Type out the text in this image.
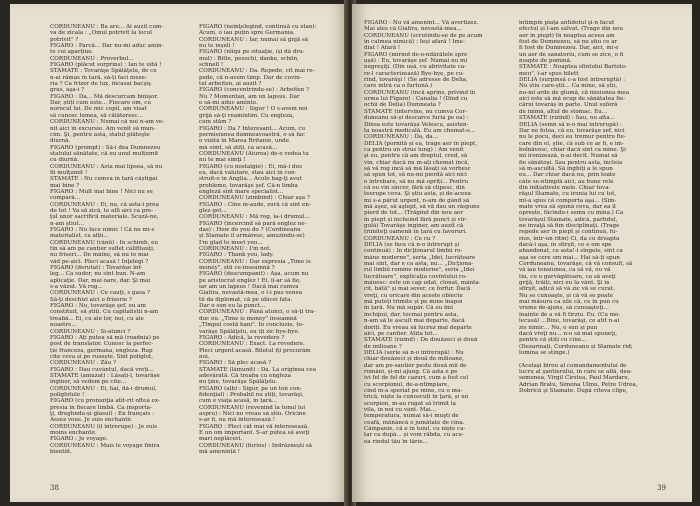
CORDUNEANU : Ba are... Ai auzit cum-
va de zicala : „Omul potrivit la locul
potrivit" ?
FIGARO : Parcă... Dar nu-mi aduc amin-
te cui aparține.
CORDUNEANU : Proverbul...
FIGARO (plăcut surprins) : Ian te uită !
STAMATE : Tovarăşe Spălăţelu, de ce
n-ai rămas în tară, să-ți faci mese-
ria ? Ca frizer de lux, încasai bacşiş
gras, aşa-i ?
FIGARO : Da... Mă descurcam binişor.
Dar, știți cum este... Fiecare om, cu
norocul lui. De mic copil, am visat
să cunosc lumea, să călătoresc...
CORDUNEANU : Numai că noi n-am ve-
nit aici în excursie. Am venit să mun-
cim. Şi, pentru asta, statul plăteşte
diurnă.
FIGARO (prompt) : Să-i dea Dumnezeu
statului sănătate, că eu unul mulțumit
cu diurnă.
CORDUNEANU : Asta mai lipsea, să nu
fii mulţumit !
STAMATE : Nu cumva în tară câștigai
mai bine ?
FIGARO : Mult mai bine ! Nici nu se
compară...
CORDUNEANU : Ei, nu, că asta-i prea
de tot ! Va să zică, te afli aici ca pre-
ţul unor sacrificii materiale. Scuză-ne,
n-am știut...
FIGARO : Nu face nimic ! Că nu mi-s
materialist, ca alții...
CORDUNEANU (rânii) : În schimb, eu
tin să am pe cantier suflet câlifitauţi,
nu friseri... De mâine, să nu te mai
văd pe-aici. Pleci acasă ! Înţelegi ?
FIGARO (derutat) : Tovarășe inf-
leg... Ca sudor, nu sînt bun. N-am
aplicaţie. Dar, mai oare, dar. Şi mai
s-a văzut. Vă rog...
CORDUNEANU : Ce cauţi, s gasa ?
Să-ţi deschizi aici o frizerie ?
FIGARO : Nu, tovarăşe şef, eu am
constituit, să știți. Cu capitalistii n-am
treabă... Ei, cu ale lor, noi, cu ale
noastre...
CORDUNEANU : Si-atunci ?
FIGARO : Ați putea să mă (roadnia) pe
post de translator. Cunosc la perfec-
ție franceza, germana, engleza. Rup
cite ceva și pe rusește. Sînt poliglot,
CORDUNEANU : Zău ?
FIGARO : Dau cuvântul, dacă vreți...
STAMATE (amuzat) : Lăsați-l, tovarășe
inginer, să vedem pe cite...
CORDUNEANU : Ei, hai, dă-i drumul,
poliglotule !
FIGARO (cu pronunţia atit-rit oftea ex-
presia în fiecare limbă. Ca insporta-
ţi, dreghndu-și glasul) : En français :
Assez vous. Je suis enchanté.
CORDUNEANU (il întrerupe) : Je suis
moins enchanté.
FIGARO : Je voyage.
CORDUNEANU : Mais le voyage finira
bientôt.
FIGARO (neinţelegind, continuă cu elan):
Acum, o iau puțin spre Germania.
CORDUNEANU : Iar, numai să gnjă să
nu te înșeli !
FIGARO (nliqu pe situaţie, își dă dru-
mul) : Bitte, pesochi, danke, schön,
schnell !
CORDUNEANU : Da. Repede, cît mai re-
pede, că n-avem timp. Dar de cuvîn-
tul arbeiten, ai auzit ?
FIGARO (concentrindu-se) : Arbeiten ?
Nu ? Momentan, am un lapsus. Dar
o să-mi aduc aminte.
CORDUNEANU : Sigur ! O s-avem noi
grijă să-ţi reamintim. Cu engleza,
cum stăm ?
FIGARO : Da ? Interesant... Acum, cu
permisiunea dumneavoastră, o să fac
o vizită în Marea Britanie, unde
mă simt, să știți, ca acasă...
CORDUNEANU (Aiurea) de-o vedea tu
nu te mai simţi !
FIGARO (cu nostalgie) : Ei, mă-i dus
eu, dacă valutare, stau aici în con-
struit-o în Anglia... Acolo bag-ţi avut
probleme, tovarăşe şef. Că-n limba
engleză sînt mare specialist...
CORDUNEANU (zîmbind) : Chiar aşa ?
FIGARO : Cine m-aude, zură că sînt en-
glez get...
CORDUNEANU : Mă rog, ia-i drumul...
FIGARO (încercind să pară englez ne-
das) : How do you do ? (Cordineanu
și Stamate il urmăresc, amuzindu-se)
I'm glad to meet you...
CORDUNEANU : I'm not.
FIGARO : Thank you, lady.
CORDUNEANU : Dar expresia „Time is
money", știi ce-înseamnă ?
FIGARO (descumpanit) : Aşa, acum nu
pe aristocrat englez ! Ei, îi-ar să fie,
iar am un lapsus ! Dacă mai cumva
Giafira, nevastă-mea, o l-i pus venea
tii da diplomat, că pe obicei fata.
Dar o sun eu la punct...
CORDUNEANU : Până atunci, o să-ți tra-
duc eu. „Time is money" înseamnă
„Timpul costă bani". În concluzie, to-
varăşe Spălăţelu, eu îți zic bye-bye.
FIGARO : Adică, la revedere ?
CORDUNEANU : Exact. La revedere.
Pleci urgent acasă. Biletul îți procurăm
noi.
FIGARO : Să plec acasă ?
STAMATE (lâmunit) : Da. La originea cea
adevărată. Că treaba cu engleza
nu ţine, tovarăşe Spălăţelu.
FIGARO (alb) : Sigur, pe un ton con-
fidenţial) : Probabil nu știți, tovarăşi,
cum e viaţa acasă, în țară...
CORDUNEANU (revenind la tonul lui
aspru) : Nici nu vreau să știu. Oricine
s-ar fi, nu mă interesează !
FIGARO : Pleci cât mai vă interesează.
E un om important. S-ar putea să aveţi
mari neplăceri.
CORDUNEANU (furios) : Îndrăznești să
mă amenință !
38
FIGARO : Nu vă amenint... Vă avertizez.
Mai ales că Giafira, nevastă-mea...
CORDUNEANU (scrutindu-se de pe acum
în calmea nimică) : Ieși afară ! Ime-
diat ! Afară !
FIGARO (mirind de-o-ndărătele spre
ușă) : Eu, tovarăşe șef. Numai nu mi
negreşiţi. (Din ușă, cu abrivitate ca-
re-l caracterizează) Bye-bye, pe cu-
rînd, tovarăşi ! (Se adresse de Delia,
care intră ca o furtună.)
CORDUNEANU (încă aprins, privind în
urma lui Figaro) : Canalia ! (Dînd cu
ochii de Delia) Dumneata ?
STAMATE (intervine, nu cumva Cor-
duneanu să-și descarce furia pe ea) :
Dînsa este tovarășa Velescu, asisten-
ta noastră medicală. Eu am chemat-o...
CORDUNEANU : Da, da...
DELIA (pornită și ea, trage aer în piept,
ca pentru un strus lung) : Am venit
şi eu, pentru că am dreptul, cred, să
vin, chiar dacă nu m-ați chemat încă,
să vă rog încă să mă lăsați să vorbesc
să spun tot, să nu-mi pierdă aici nici
o întrebare, să nu mă opriți... Pentru
că eu vin sincer, fără să clipesc, din
teerupe ceva. Şi știu asta, și de-aceea
mi s-a părut urgent, n-am de gând să
mă aşez, să aştept, să vă dau un răspuns
pierd de tot... (Trăgînd din nou aer
în piept și încheind fără punct și vir-
gulă) Tovarăşe inginer, am auzit că
trimiteţi oamenii în țară cu favoruri.
CORDUNEANU : Ce cu ?
DELIA (se face că n-o întrerupt și
continuă) : În dicţionarul limbii ro-
mâne moderne", seria „Idei, lucrătoare
mai sînt, dar e ca asta, nu... „Dicţiona-
rul limbii romîne moderne", seria „Idei
lucrătoare", explicația cuvîntului ro-
mânesc: este un cap udat, clonat, mânta-
cit, bătă" și mai sever, ce forfur. Dacă
vreţi, cu oricare din aceste obiecte
mă puteți trimite și pe mine înapoi
în țară. Nu mă supăr. Că eu îmi
închipui, dar, tocmai pentru asta,
n-am să le ascult mai departe, dacă
doriți. Eu vreau să lucrez mai departe
aici, pe cantier. Atîta tot...
STAMATE (rizînd) : De douăzeci și două
de milioane ?
DELIA (serie să n-o întrerupă) : Nu
chiar douăzeci și două de milioane,
dar am pe-santier peste două mii de
români, și-mi ajung. Că asta e pe
ivi fel de fel de cazuri, cum a fost cel
cu scorpionul, de-a-ntîmplare,
cînd m-a speriat pe mine, cu o mu-
trică, nişte la cunoscuți în ţară, și un
scorpion, m-au rugat să trimit la
vila, în noi cu vânt. Mai...
temperatura, numai să-i muşti de
ceafă, mănâncă o jumătate de cina.
Câmpanie, că e în toiul, cu niște ca-
tar ca după... și vom răbda, cu ace-
ea rîndul tău în tărie...
intimpin piața antidotul şi-n facut
efectul și l-am salvat. (Trage din nou
aer în piept) În noaptea aceea am
fost de Dumnezeu, să nu știu ce ar
fi fost de Dumnezeu. Dar, aici, mi-e
un aer de sanatoriu, cum se zice, o fi
noapte de pomină.
STAMATE : Noaptea sfîntului Bartolo-
meu", î-ar spus bilett
DELIA (surpinsă c-a fost întreruptă) :
Nu știu care-știi... Ca mine, să știi,
nu-mi arde de glumă, că misiunea mea
aici este să mă ocup de sănătatea fie-
cărui tovarăș în parte. Unul suferă
de inimă, altul de stomac. Eu...
STAMATE (rizînd) : Sau, nu alta...
DELIA (semn să n-o mai întrerupă) :
Dar ne fotoa, că eu, tovarăşe șef, nici
nu le pocu, deci eu tremur pentru fie-
care din ei, ştie, că sub ce ar fi, e im-
bolnăvesc, chiar dacă sînt ca mine. Şi
mi ironizează, n-ai decît. Numai să
fie sănătoși. Sau pentru asta, încleia
să m-ascultă. Să înghiți a le spun
eu... Dar chiar dacă nu, prin toate
câte se-ntîmplă aici, au bune rele
din inițiativele mele. Chiar tova-
răşul Stamate, cu ironia lui cu tot,
mi-a spus că comporta aşa... (Sîm-
mate vrea să spună ceva, dar ea îl
oprește, făcîndu-i semn cu mîna.) Ca
tovarăşul Stamate, adică, partidul,
ne învaţă să fim disciplinaţi. (Trage
repede aer în piept și continuă, fu-
rios, într-un ritm) Ci, da cu dreapta
dacă-i aşa, în sfîrşit, ce e om spe
abandonat, ce asta!-i sîngele, sînt ca
aşa se cere om mai... Hai să-ți spun
Corduneanu, tovarăşe, că vă consult, să
vă iau tensiunea, ca să vă, eu vă
tiu, cu o gurvăgătoare, ca să aveţi
grijă, trăiți, nici eu la vânt. Şi în
sfîrşit, adică să vă zic vă se curat.
Nu se cunoaşte, și că vă se poate
mai măsura ca zile că, ce în pun cu
vreme de-ajuns, să cunoaşteţi...
înainte de a vă fi tîrziu. Eu. (Cu mo-
lecusă) ...Bine, tovarăşi, ce atît n-ai
zis nimic... Nu, o sun și pun
dacă vreţi nu... n-o să mai spuneţi,
pentru că știți cu cine...
(Dezarmați, Corduneanu și Stamate rîd;
lumina se stinge.)

(Acelaşi birou al comandamentului de
lucru al şantierului, în care se află, dea-
semenea, Virgil Cîrstea, Paul Mardare,
Adrian Bratu, Simona Ulmu, Petre Udrea,
Dobrică și Stamate. După cîteva clipe,
39
